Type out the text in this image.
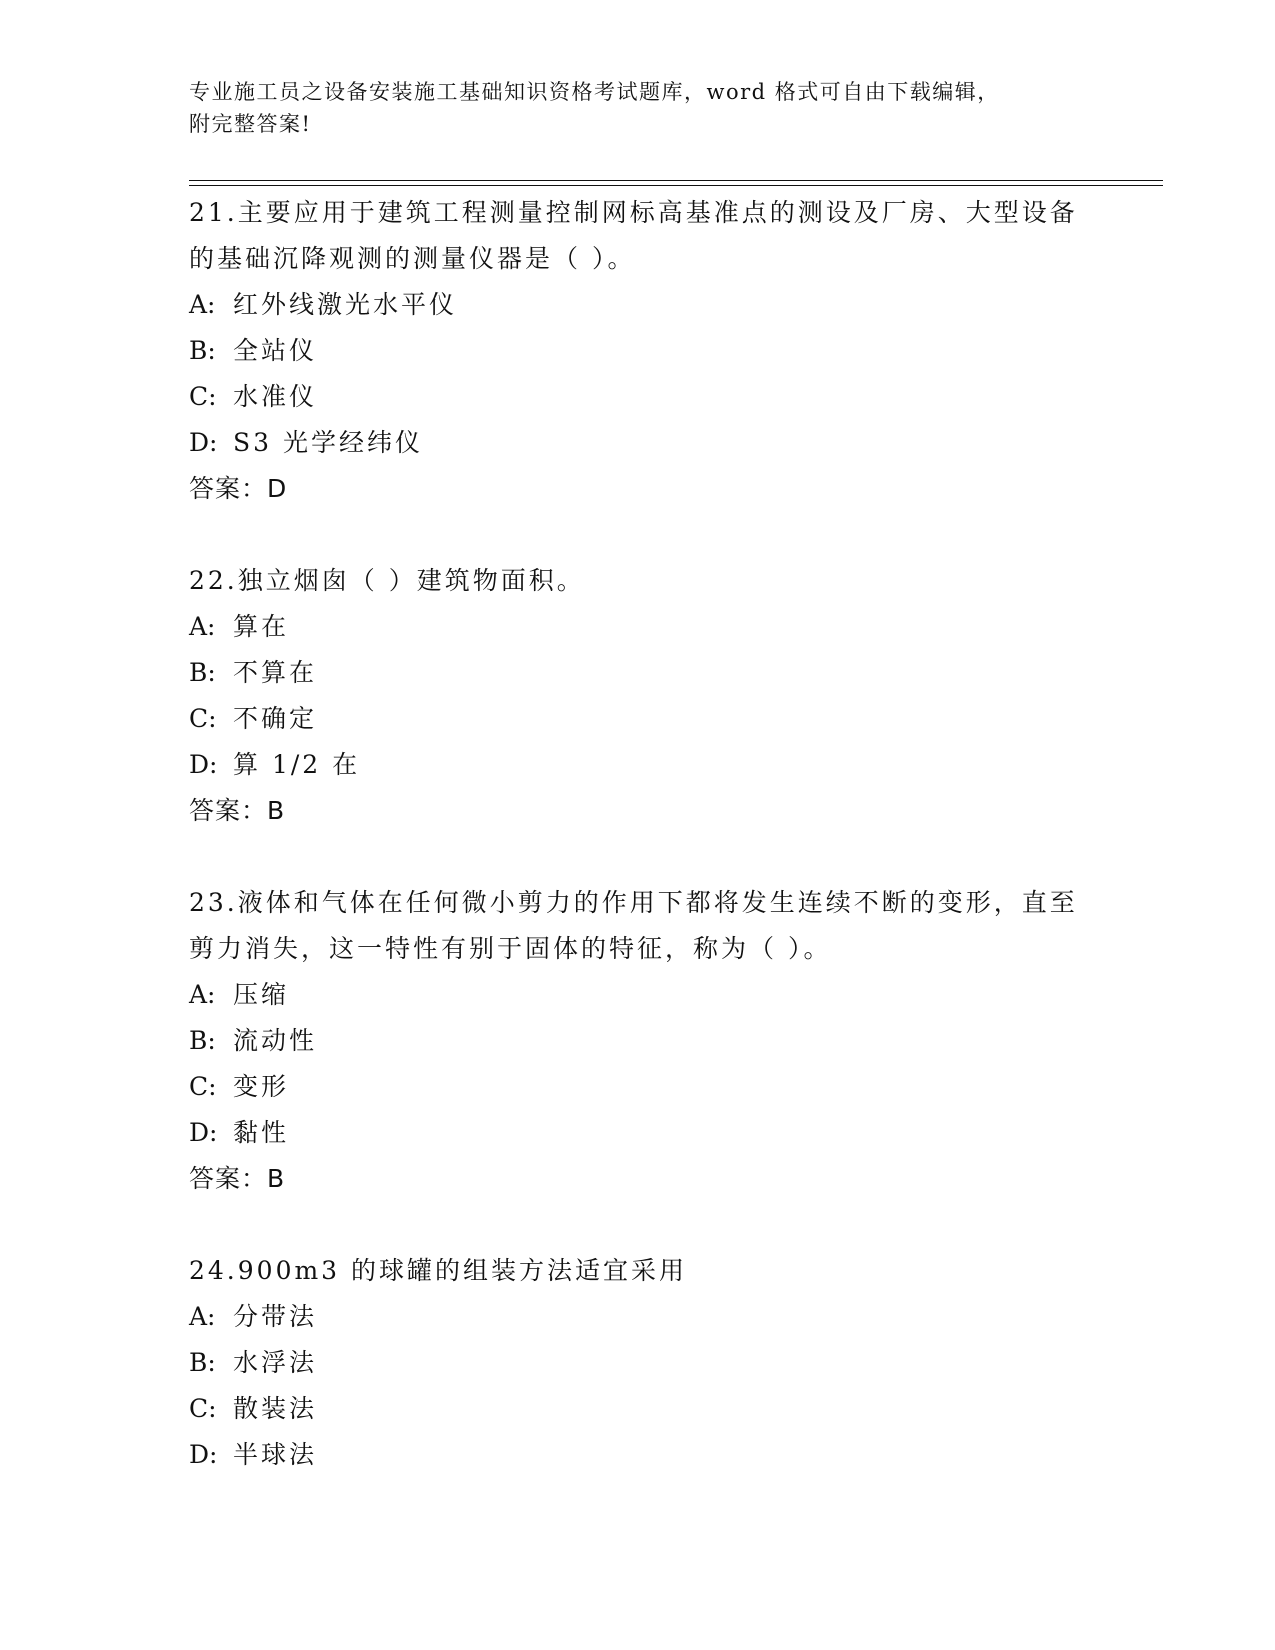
专业施工员之设备安装施工基础知识资格考试题库，word 格式可自由下载编辑，
附完整答案!

21.主要应用于建筑工程测量控制网标高基准点的测设及厂房、大型设备的基础沉降观测的测量仪器是（ ）。

A: 红外线激光水平仪

B: 全站仪

C: 水准仪

D: S3 光学经纬仪

答案：D

22.独立烟囱（ ）建筑物面积。

A: 算在

B: 不算在

C: 不确定

D: 算 1/2 在

答案：B

23.液体和气体在任何微小剪力的作用下都将发生连续不断的变形，直至剪力消失，这一特性有别于固体的特征，称为（ ）。

A: 压缩

B: 流动性

C: 变形

D: 黏性

答案：B

24.900m3 的球罐的组装方法适宜采用

A: 分带法

B: 水浮法

C: 散装法

D: 半球法
